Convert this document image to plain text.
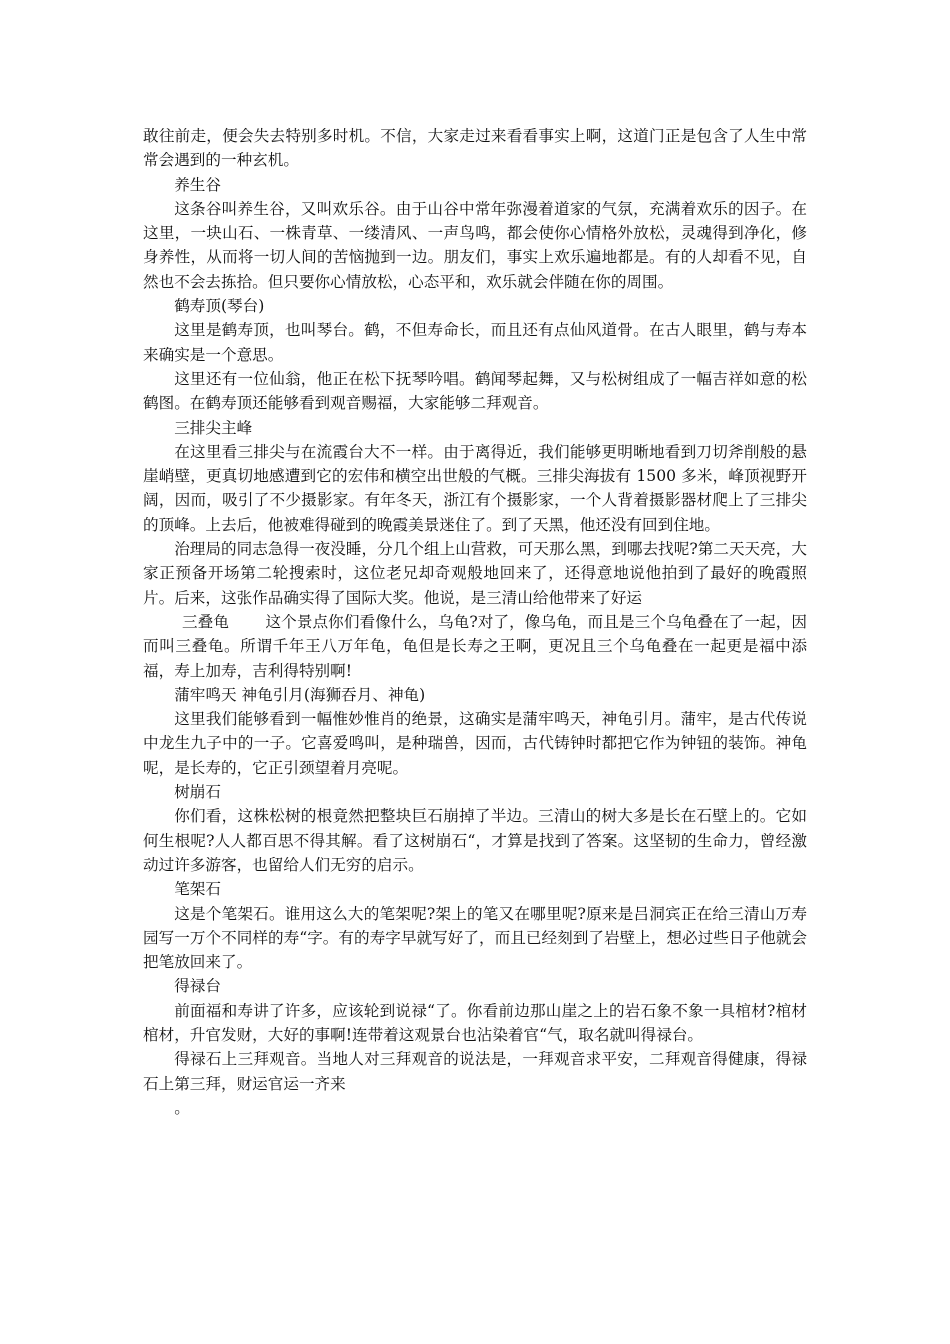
敢往前走，便会失去特别多时机。不信，大家走过来看看事实上啊，这道门正是包含了人生中常常会遇到的一种玄机。

养生谷

这条谷叫养生谷，又叫欢乐谷。由于山谷中常年弥漫着道家的气氛，充满着欢乐的因子。在这里，一块山石、一株青草、一缕清风、一声鸟鸣，都会使你心情格外放松，灵魂得到净化，修身养性，从而将一切人间的苦恼抛到一边。朋友们，事实上欢乐遍地都是。有的人却看不见，自然也不会去拣拾。但只要你心情放松，心态平和，欢乐就会伴随在你的周围。

鹤寿顶(琴台)

这里是鹤寿顶，也叫琴台。鹤，不但寿命长，而且还有点仙风道骨。在古人眼里，鹤与寿本来确实是一个意思。

这里还有一位仙翁，他正在松下抚琴吟唱。鹤闻琴起舞，又与松树组成了一幅吉祥如意的松鹤图。在鹤寿顶还能够看到观音赐福，大家能够二拜观音。

三排尖主峰

在这里看三排尖与在流霞台大不一样。由于离得近，我们能够更明晰地看到刀切斧削般的悬崖峭壁，更真切地感遭到它的宏伟和横空出世般的气概。三排尖海拔有 1500 多米，峰顶视野开阔，因而，吸引了不少摄影家。有年冬天，浙江有个摄影家，一个人背着摄影器材爬上了三排尖的顶峰。上去后，他被难得碰到的晚霞美景迷住了。到了天黑，他还没有回到住地。

治理局的同志急得一夜没睡，分几个组上山营救，可天那么黑，到哪去找呢?第二天天亮，大家正预备开场第二轮搜索时，这位老兄却奇观般地回来了，还得意地说他拍到了最好的晚霞照片。后来，这张作品确实得了国际大奖。他说，是三清山给他带来了好运

三叠龟　　 这个景点你们看像什么，乌龟?对了，像乌龟，而且是三个乌龟叠在了一起，因而叫三叠龟。所谓千年王八万年龟，龟但是长寿之王啊，更况且三个乌龟叠在一起更是福中添福，寿上加寿，吉利得特别啊!

蒲牢鸣天 神龟引月(海狮吞月、神龟)

这里我们能够看到一幅惟妙惟肖的绝景，这确实是蒲牢鸣天，神龟引月。蒲牢，是古代传说中龙生九子中的一子。它喜爱鸣叫，是种瑞兽，因而，古代铸钟时都把它作为钟钮的装饰。神龟呢，是长寿的，它正引颈望着月亮呢。

树崩石

你们看，这株松树的根竟然把整块巨石崩掉了半边。三清山的树大多是长在石壁上的。它如何生根呢?人人都百思不得其解。看了这树崩石“，才算是找到了答案。这坚韧的生命力，曾经激动过许多游客，也留给人们无穷的启示。

笔架石

这是个笔架石。谁用这么大的笔架呢?架上的笔又在哪里呢?原来是吕洞宾正在给三清山万寿园写一万个不同样的寿“字。有的寿字早就写好了，而且已经刻到了岩壁上，想必过些日子他就会把笔放回来了。

得禄台

前面福和寿讲了许多，应该轮到说禄“了。你看前边那山崖之上的岩石象不象一具棺材?棺材棺材，升官发财，大好的事啊!连带着这观景台也沾染着官“气，取名就叫得禄台。

得禄石上三拜观音。当地人对三拜观音的说法是，一拜观音求平安，二拜观音得健康，得禄石上第三拜，财运官运一齐来

。
